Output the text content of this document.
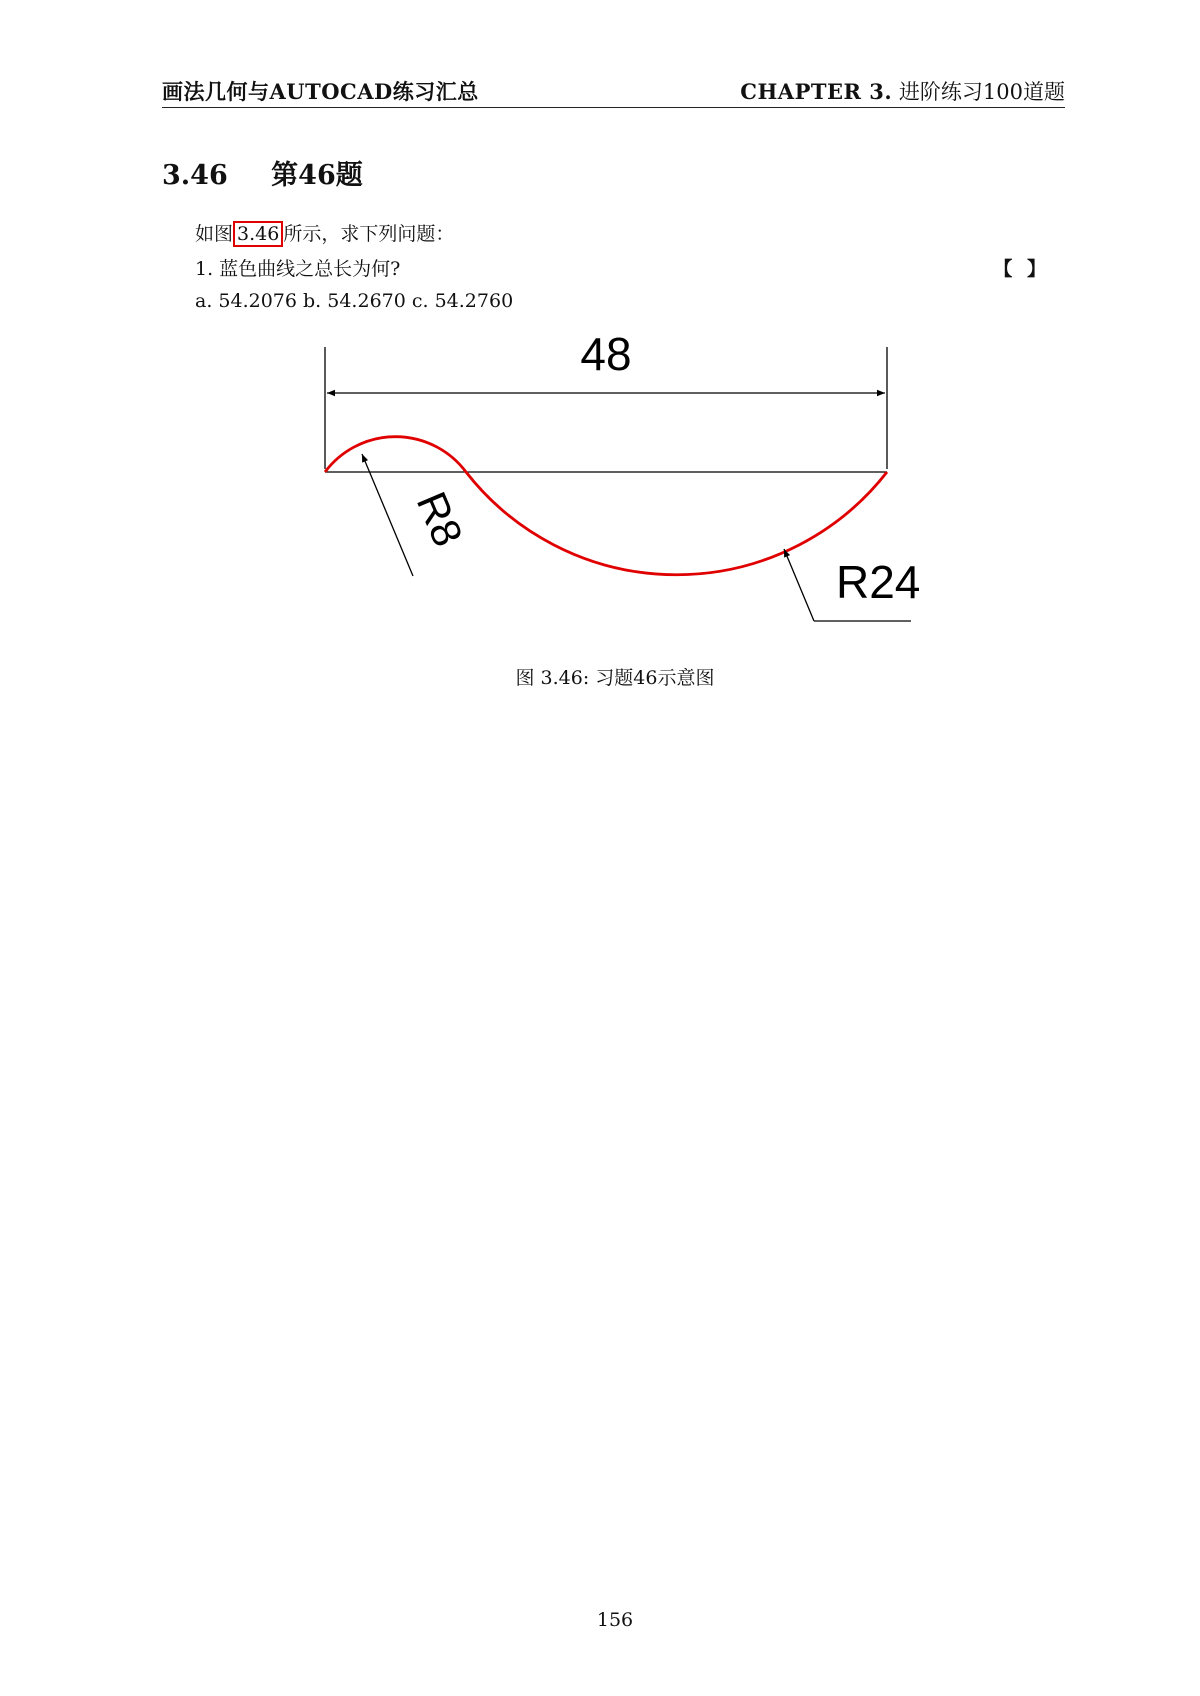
画法几何与AUTOCAD练习汇总	CHAPTER 3. 进阶练习100道题
3.46 第46题
如图 3.46 所示，求下列问题：
1. 蓝色曲线之总长为何?	【 】
a. 54.2076 b. 54.2670 c. 54.2760
48
R8
R24
图 3.46: 习题46示意图
156
